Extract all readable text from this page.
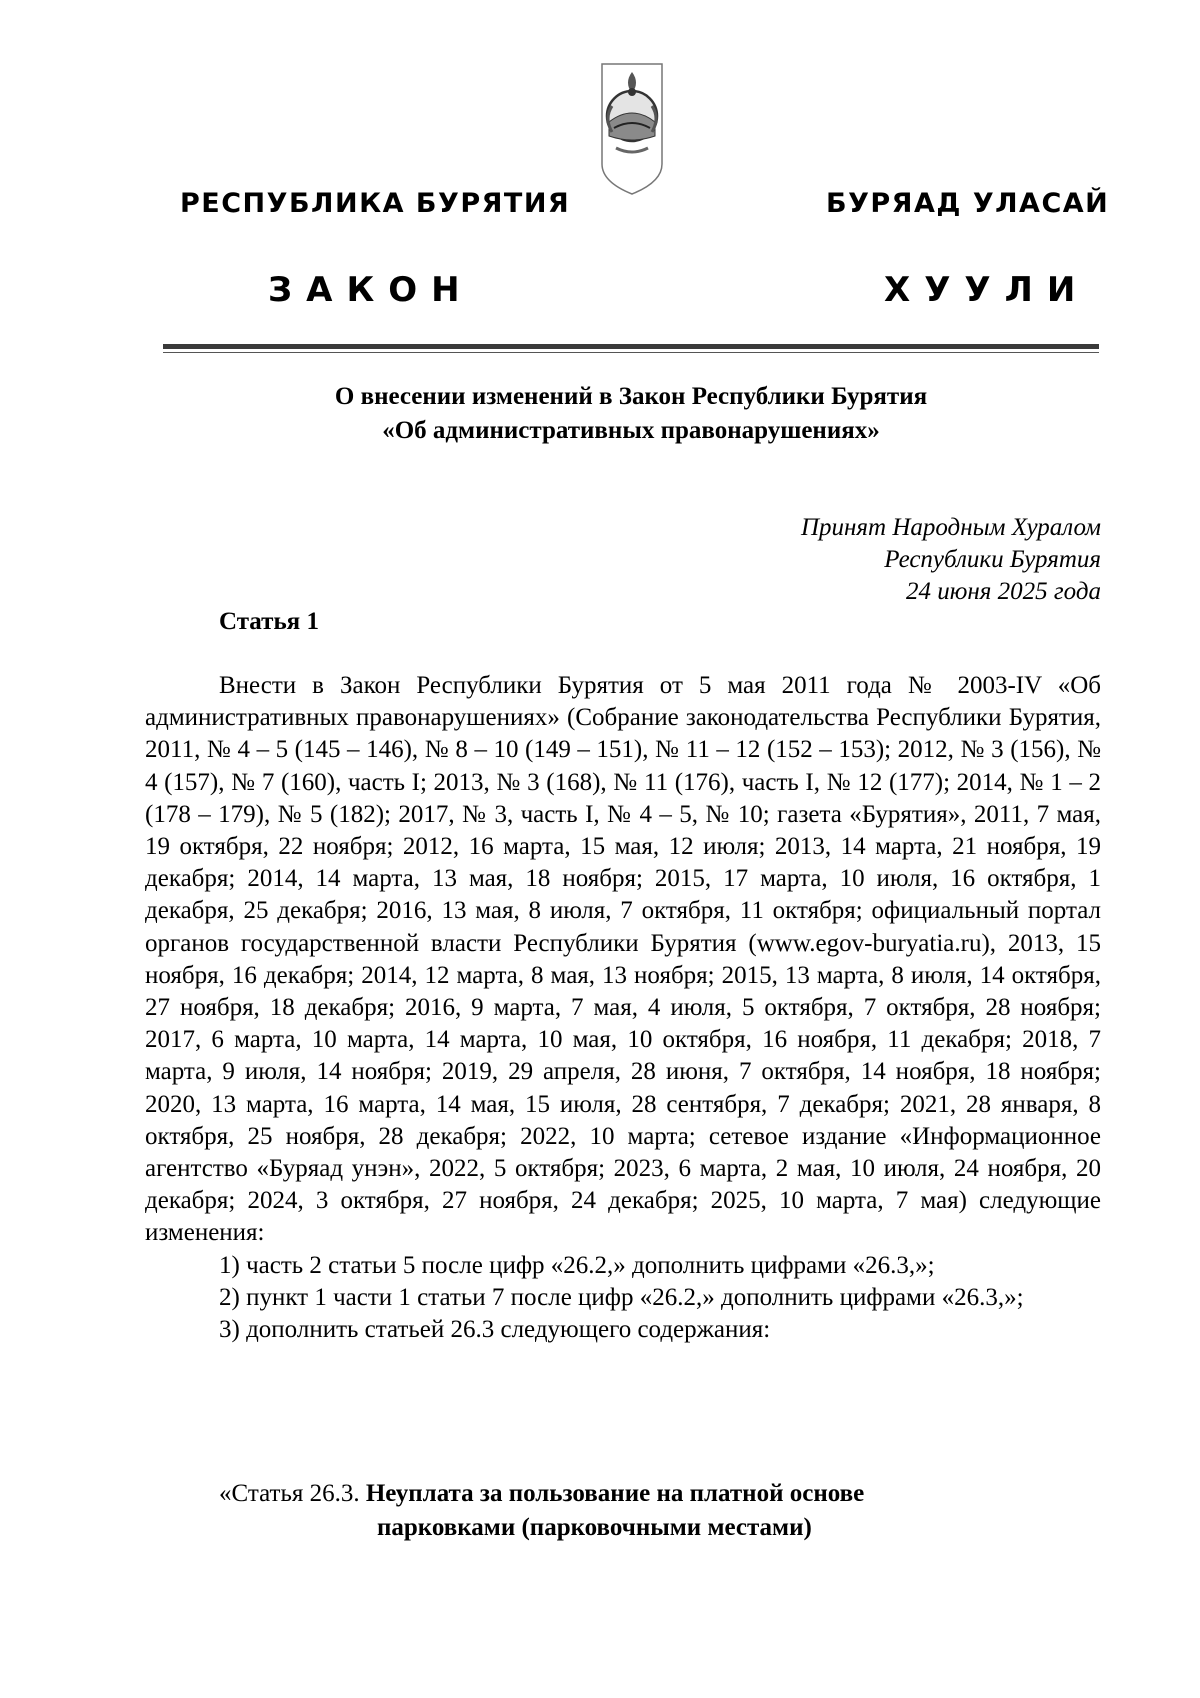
РЕСПУБЛИКА БУРЯТИЯ	БУРЯАД УЛАСАЙ
ЗАКОН	ХУУЛИ
О внесении изменений в Закон Республики Бурятия
«Об административных правонарушениях»
Принят Народным Хуралом
Республики Бурятия
24 июня 2025 года
Статья 1

Внести в Закон Республики Бурятия от 5 мая 2011 года № 2003-IV «Об административных правонарушениях» (Собрание законодательства Республики Бурятия, 2011, № 4 – 5 (145 – 146), № 8 – 10 (149 – 151), № 11 – 12 (152 – 153); 2012, № 3 (156), № 4 (157), № 7 (160), часть I; 2013, № 3 (168), № 11 (176), часть I, № 12 (177); 2014, № 1 – 2 (178 – 179), № 5 (182); 2017, № 3, часть I, № 4 – 5, № 10; газета «Бурятия», 2011, 7 мая, 19 октября, 22 ноября; 2012, 16 марта, 15 мая, 12 июля; 2013, 14 марта, 21 ноября, 19 декабря; 2014, 14 марта, 13 мая, 18 ноября; 2015, 17 марта, 10 июля, 16 октября, 1 декабря, 25 декабря; 2016, 13 мая, 8 июля, 7 октября, 11 октября; официальный портал органов государственной власти Республики Бурятия (www.egov-buryatia.ru), 2013, 15 ноября, 16 декабря; 2014, 12 марта, 8 мая, 13 ноября; 2015, 13 марта, 8 июля, 14 октября, 27 ноября, 18 декабря; 2016, 9 марта, 7 мая, 4 июля, 5 октября, 7 октября, 28 ноября; 2017, 6 марта, 10 марта, 14 марта, 10 мая, 10 октября, 16 ноября, 11 декабря; 2018, 7 марта, 9 июля, 14 ноября; 2019, 29 апреля, 28 июня, 7 октября, 14 ноября, 18 ноября; 2020, 13 марта, 16 марта, 14 мая, 15 июля, 28 сентября, 7 декабря; 2021, 28 января, 8 октября, 25 ноября, 28 декабря; 2022, 10 марта; сетевое издание «Информационное агентство «Буряад унэн», 2022, 5 октября; 2023, 6 марта, 2 мая, 10 июля, 24 ноября, 20 декабря; 2024, 3 октября, 27 ноября, 24 декабря; 2025, 10 марта, 7 мая) следующие изменения:

1) часть 2 статьи 5 после цифр «26.2,» дополнить цифрами «26.3,»;

2) пункт 1 части 1 статьи 7 после цифр «26.2,» дополнить цифрами «26.3,»;

3) дополнить статьей 26.3 следующего содержания:

«Статья 26.3. Неуплата за пользование на платной основе
парковками (парковочными местами)
